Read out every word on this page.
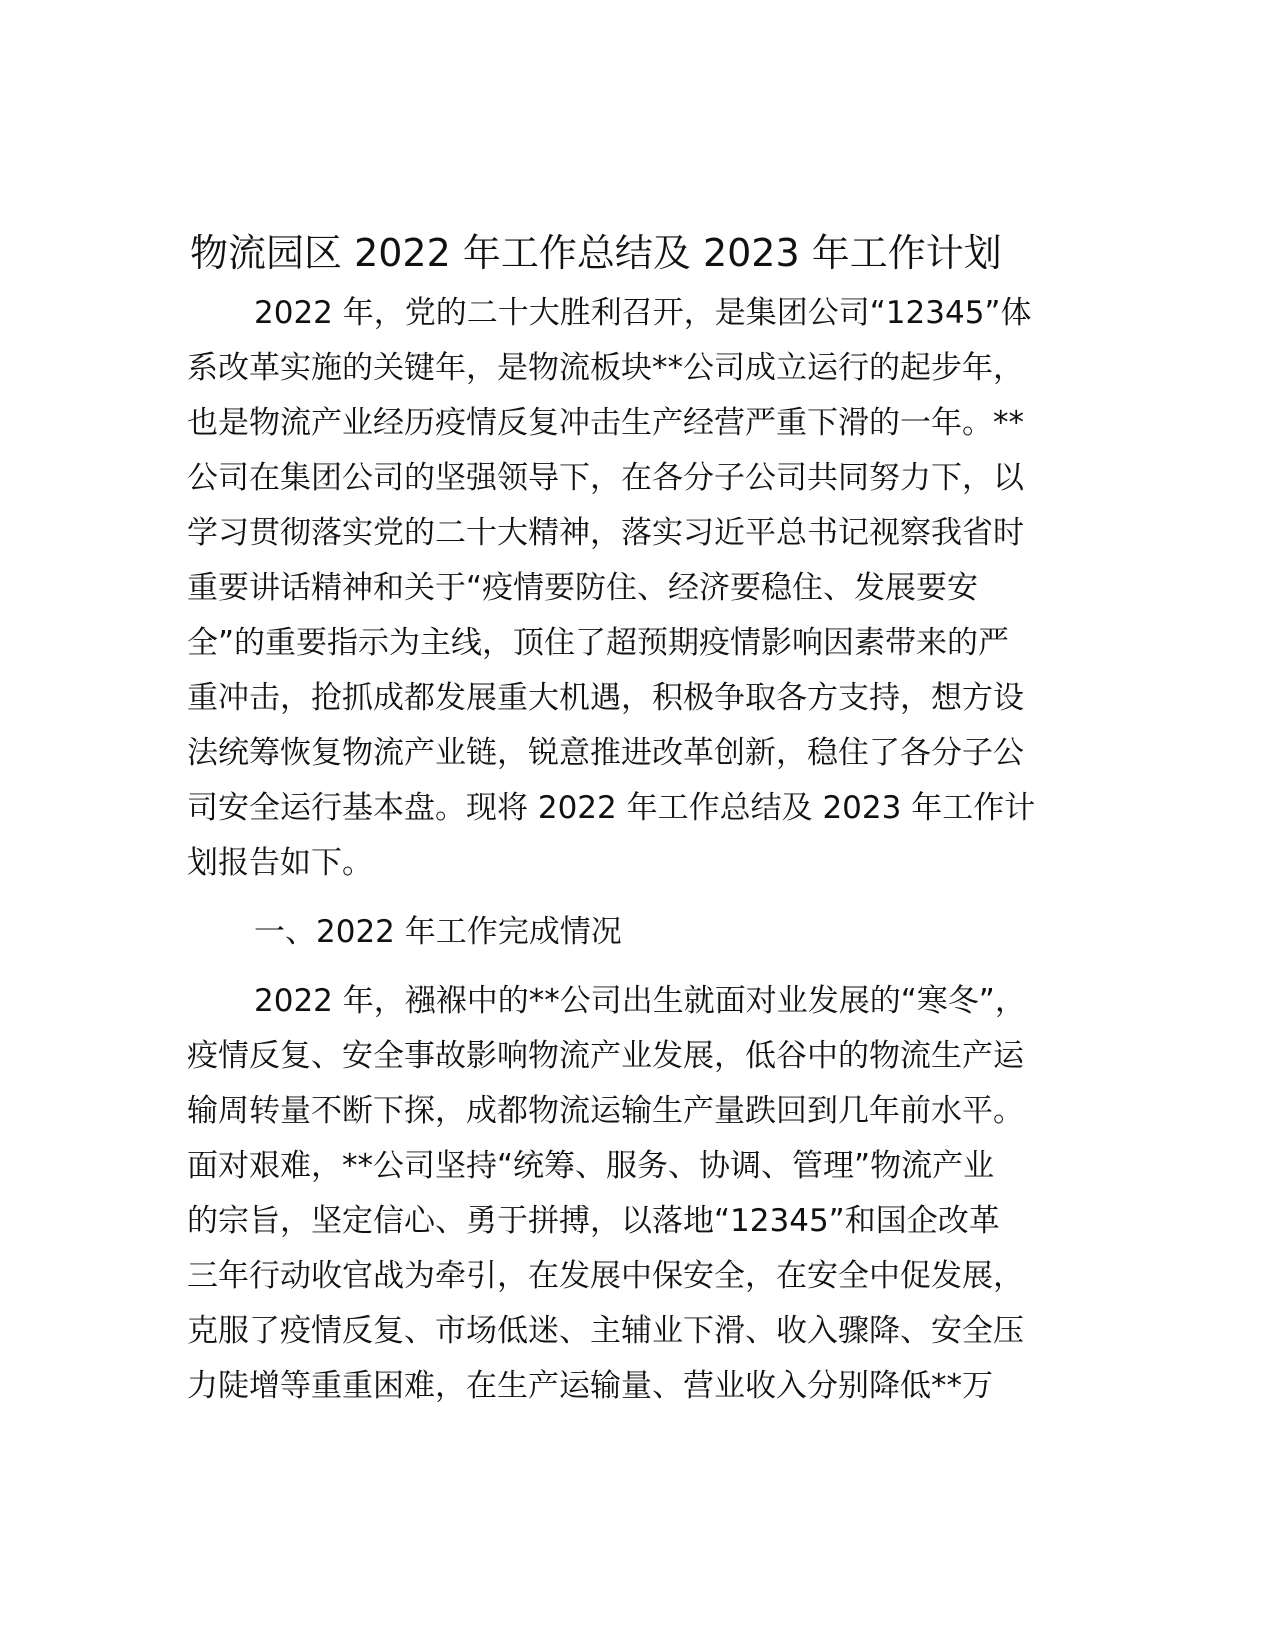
物流园区 2022 年工作总结及 2023 年工作计划

2022 年，党的二十大胜利召开，是集团公司“12345”体

系改革实施的关键年，是物流板块**公司成立运行的起步年，

也是物流产业经历疫情反复冲击生产经营严重下滑的一年。**

公司在集团公司的坚强领导下，在各分子公司共同努力下，以

学习贯彻落实党的二十大精神，落实习近平总书记视察我省时

重要讲话精神和关于“疫情要防住、经济要稳住、发展要安

全”的重要指示为主线，顶住了超预期疫情影响因素带来的严

重冲击，抢抓成都发展重大机遇，积极争取各方支持，想方设

法统筹恢复物流产业链，锐意推进改革创新，稳住了各分子公

司安全运行基本盘。现将 2022 年工作总结及 2023 年工作计

划报告如下。

一、2022 年工作完成情况

2022 年，襁褓中的**公司出生就面对业发展的“寒冬”，

疫情反复、安全事故影响物流产业发展，低谷中的物流生产运

输周转量不断下探，成都物流运输生产量跌回到几年前水平。

面对艰难，**公司坚持“统筹、服务、协调、管理”物流产业

的宗旨，坚定信心、勇于拼搏，以落地“12345”和国企改革

三年行动收官战为牵引，在发展中保安全，在安全中促发展，

克服了疫情反复、市场低迷、主辅业下滑、收入骤降、安全压

力陡增等重重困难，在生产运输量、营业收入分别降低**万
